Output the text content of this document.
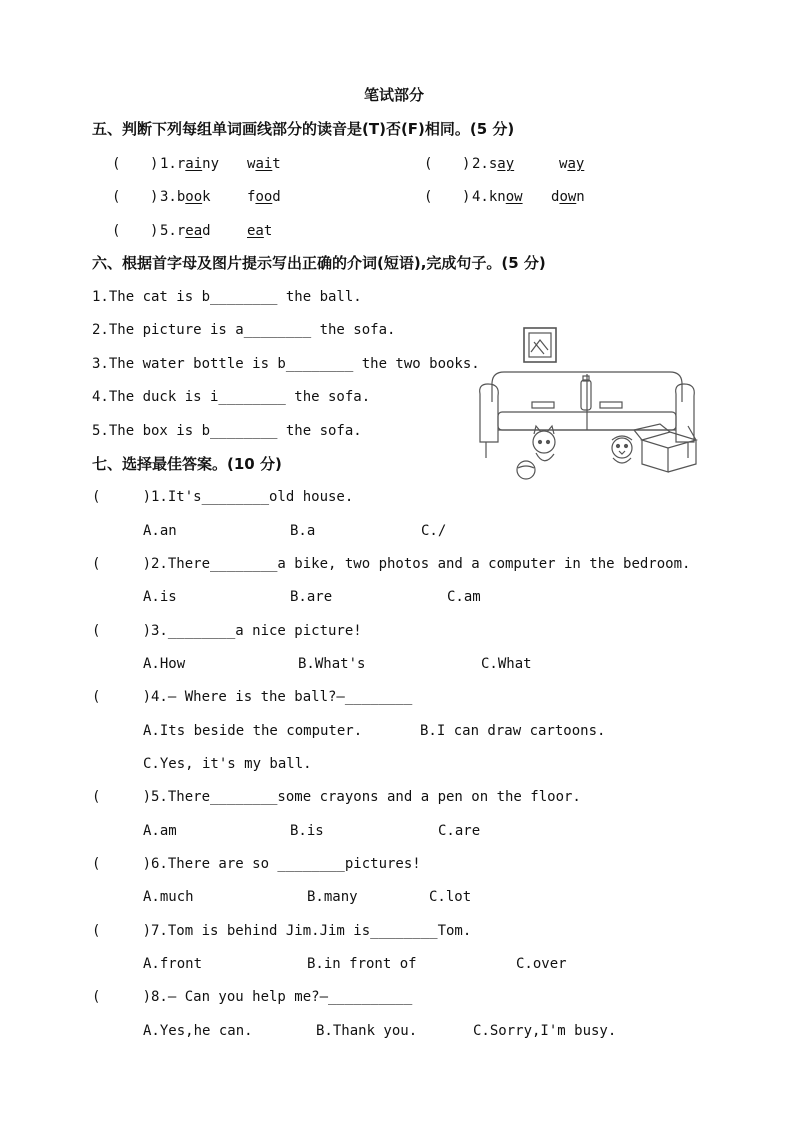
笔试部分
五、判断下列每组单词画线部分的读音是(T)否(F)相同。(5 分)
( ) 1.rainy wait	( ) 2.say	way
( ) 3.book	food	( ) 4.know down
( ) 5.read	eat
六、根据首字母及图片提示写出正确的介词(短语),完成句子。(5 分)
1.The cat is b________ the ball.
2.The picture is a________ the sofa.
3.The water bottle is b________ the two books.
4.The duck is i________ the sofa.
5.The box is b________ the sofa.
七、选择最佳答案。(10 分)
(     )1.It's________old house.
A.an	B.a	C./
(     )2.There________a bike, two photos and a computer in the bedroom.
A.is	B.are	C.am
(     )3.________a nice picture!
A.How	B.What's	C.What
(     )4.— Where is the ball?—________
A.Its beside the computer.	B.I can draw cartoons.
C.Yes, it's my ball.
(     )5.There________some crayons and a pen on the floor.
A.am	B.is	C.are
(     )6.There are so ________pictures!
A.much	B.many	C.lot
(     )7.Tom is behind Jim.Jim is________Tom.
A.front	B.in front of	C.over
(     )8.— Can you help me?—__________
A.Yes,he can.	B.Thank you.	C.Sorry,I'm busy.
